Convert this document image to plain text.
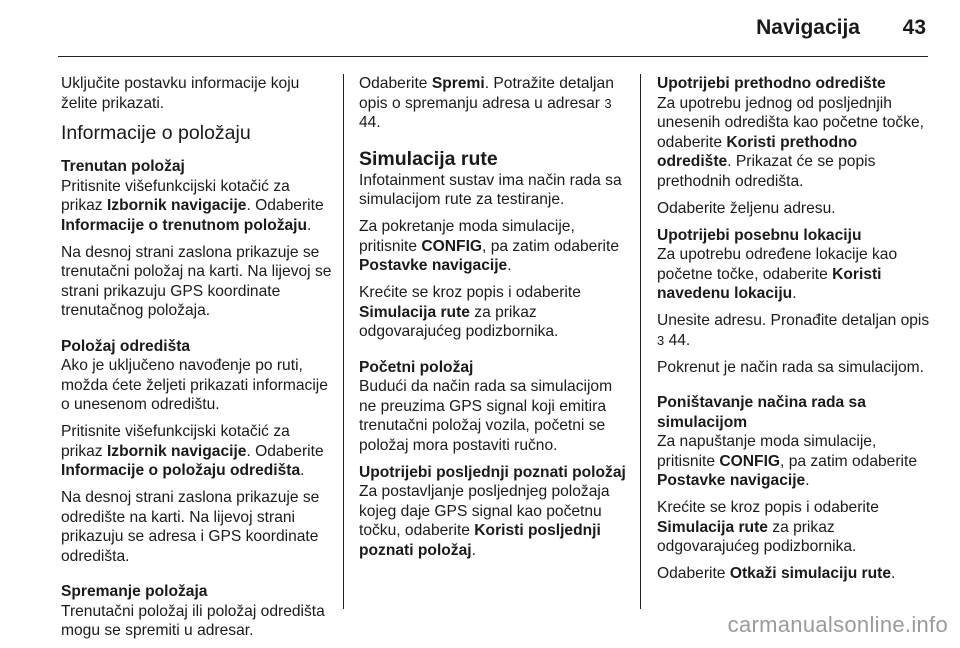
Navigacija 43

Uključite postavku informacije koju želite prikazati.

Informacije o položaju
Trenutan položaj

Pritisnite višefunkcijski kotačić za prikaz Izbornik navigacije. Odaberite Informacije o trenutnom položaju.

Na desnoj strani zaslona prikazuje se trenutačni položaj na karti. Na lijevoj se strani prikazuju GPS koordinate trenutačnog položaja.

Položaj odredišta

Ako je uključeno navođenje po ruti, možda ćete željeti prikazati informacije o unesenom odredištu.

Pritisnite višefunkcijski kotačić za prikaz Izbornik navigacije. Odaberite Informacije o položaju odredišta.

Na desnoj strani zaslona prikazuje se odredište na karti. Na lijevoj strani prikazuju se adresa i GPS koordinate odredišta.

Spremanje položaja

Trenutačni položaj ili položaj odredišta mogu se spremiti u adresar.

Odaberite Spremi. Potražite detaljan opis o spremanju adresa u adresar 3 44.

Simulacija rute

Infotainment sustav ima način rada sa simulacijom rute za testiranje.

Za pokretanje moda simulacije, pritisnite CONFIG, pa zatim odaberite Postavke navigacije.

Krećite se kroz popis i odaberite Simulacija rute za prikaz odgovarajućeg podizbornika.

Početni položaj

Budući da način rada sa simulacijom ne preuzima GPS signal koji emitira trenutačni položaj vozila, početni se položaj mora postaviti ručno.

Upotrijebi posljednji poznati položaj

Za postavljanje posljednjeg položaja kojeg daje GPS signal kao početnu točku, odaberite Koristi posljednji poznati položaj.

Upotrijebi prethodno odredište

Za upotrebu jednog od posljednjih unesenih odredišta kao početne točke, odaberite Koristi prethodno odredište. Prikazat će se popis prethodnih odredišta.

Odaberite željenu adresu.

Upotrijebi posebnu lokaciju

Za upotrebu određene lokacije kao početne točke, odaberite Koristi navedenu lokaciju.

Unesite adresu. Pronađite detaljan opis 3 44.

Pokrenut je način rada sa simulacijom.

Poništavanje načina rada sa simulacijom

Za napuštanje moda simulacije, pritisnite CONFIG, pa zatim odaberite Postavke navigacije.

Krećite se kroz popis i odaberite Simulacija rute za prikaz odgovarajućeg podizbornika.

Odaberite Otkaži simulaciju rute.

carmanualsonline.info
